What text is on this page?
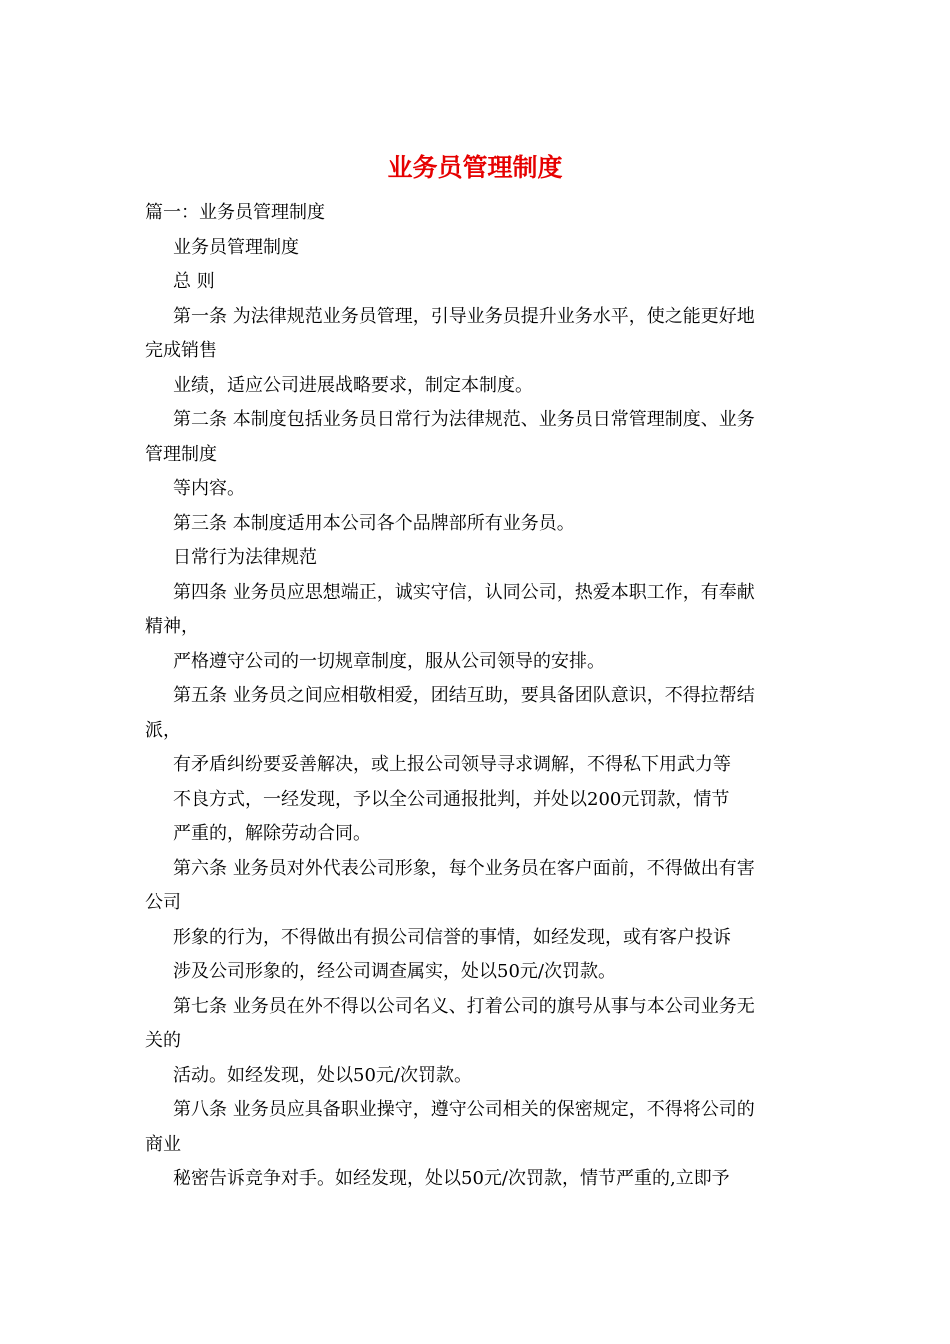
业务员管理制度

篇一：业务员管理制度

业务员管理制度

总 则

第一条 为法律规范业务员管理，引导业务员提升业务水平，使之能更好地

完成销售

业绩，适应公司进展战略要求，制定本制度。

第二条 本制度包括业务员日常行为法律规范、业务员日常管理制度、业务

管理制度

等内容。

第三条 本制度适用本公司各个品牌部所有业务员。

日常行为法律规范

第四条 业务员应思想端正，诚实守信，认同公司，热爱本职工作，有奉献

精神，

严格遵守公司的一切规章制度，服从公司领导的安排。

第五条 业务员之间应相敬相爱，团结互助，要具备团队意识，不得拉帮结

派，

有矛盾纠纷要妥善解决，或上报公司领导寻求调解，不得私下用武力等

不良方式，一经发现，予以全公司通报批判，并处以200元罚款，情节

严重的，解除劳动合同。

第六条 业务员对外代表公司形象，每个业务员在客户面前，不得做出有害

公司

形象的行为，不得做出有损公司信誉的事情，如经发现，或有客户投诉

涉及公司形象的，经公司调查属实，处以50元/次罚款。

第七条 业务员在外不得以公司名义、打着公司的旗号从事与本公司业务无

关的

活动。如经发现，处以50元/次罚款。

第八条 业务员应具备职业操守，遵守公司相关的保密规定，不得将公司的

商业

秘密告诉竞争对手。如经发现，处以50元/次罚款，情节严重的,立即予
